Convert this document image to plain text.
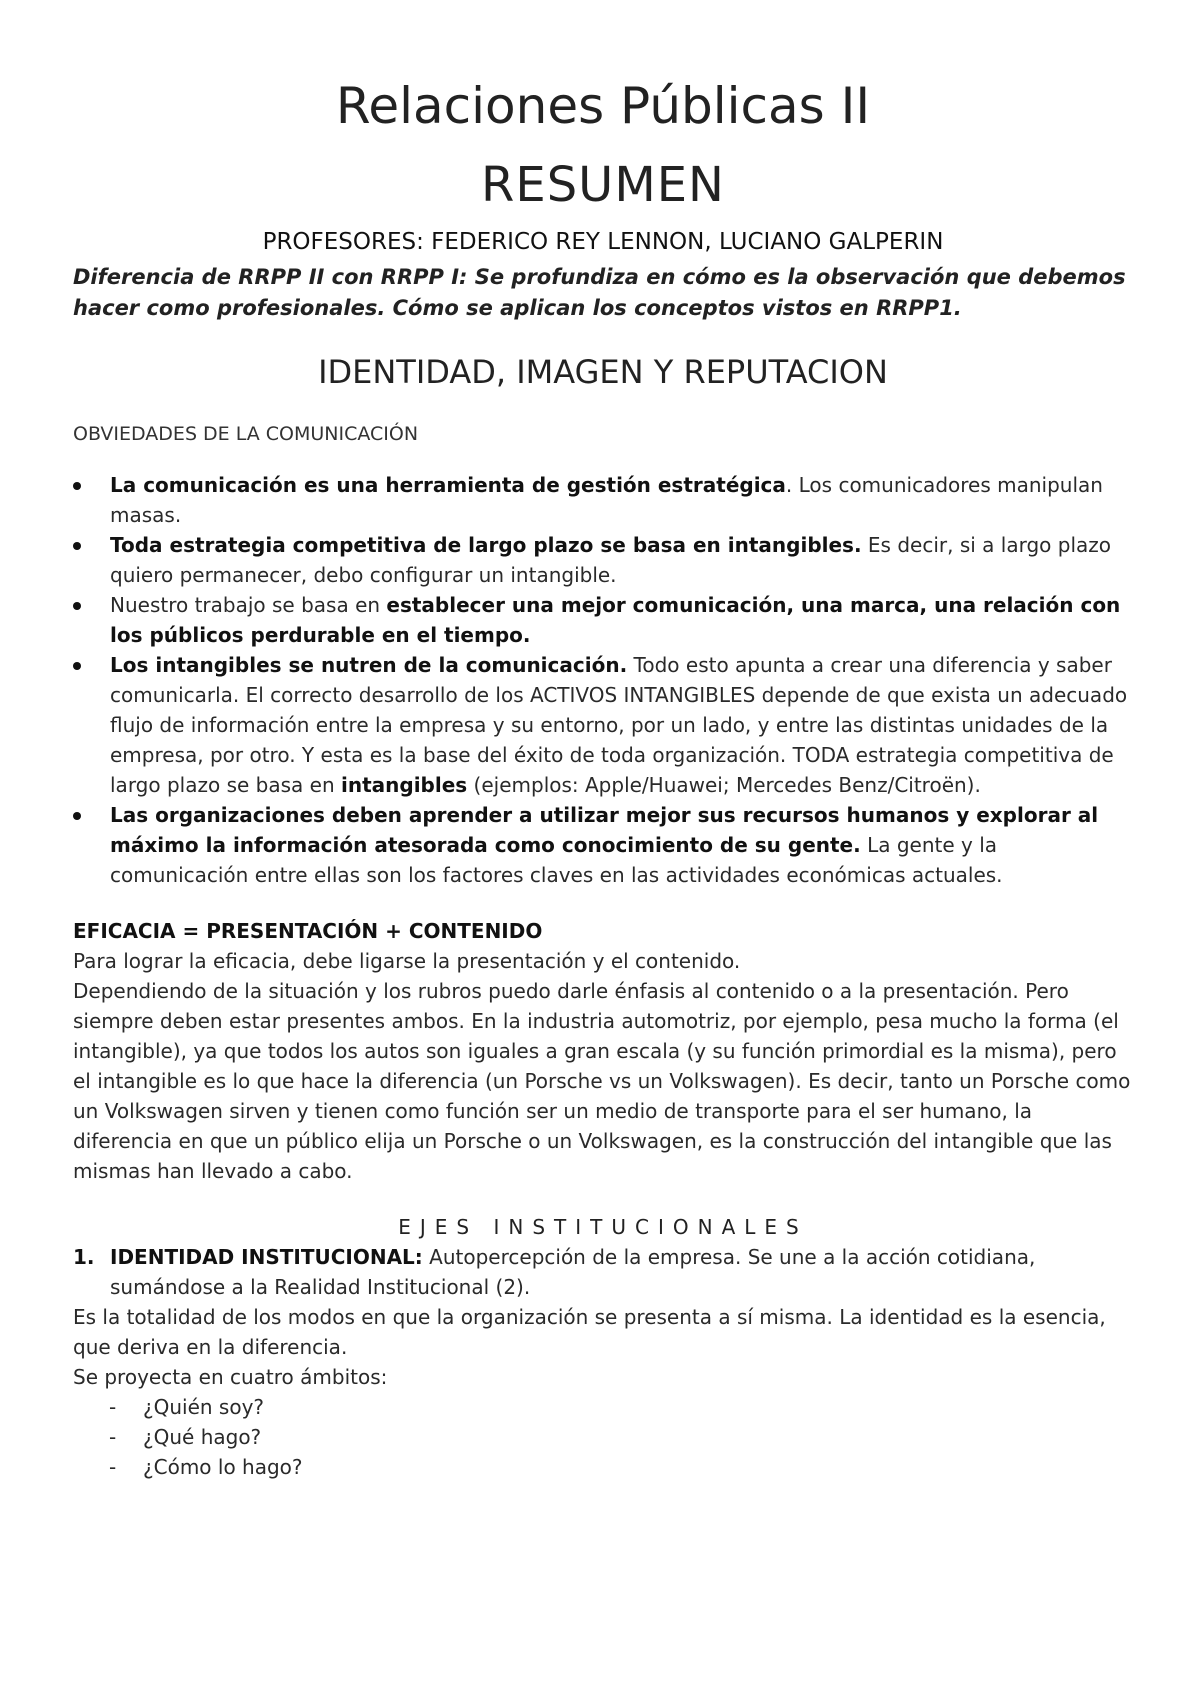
Relaciones Públicas II
RESUMEN
PROFESORES: FEDERICO REY LENNON, LUCIANO GALPERIN

Diferencia de RRPP II con RRPP I: Se profundiza en cómo es la observación que debemos hacer como profesionales. Cómo se aplican los conceptos vistos en RRPP1.

IDENTIDAD, IMAGEN Y REPUTACION
OBVIEDADES DE LA COMUNICACIÓN
La comunicación es una herramienta de gestión estratégica. Los comunicadores manipulan masas.
Toda estrategia competitiva de largo plazo se basa en intangibles. Es decir, si a largo plazo quiero permanecer, debo configurar un intangible.
Nuestro trabajo se basa en establecer una mejor comunicación, una marca, una relación con los públicos perdurable en el tiempo.
Los intangibles se nutren de la comunicación. Todo esto apunta a crear una diferencia y saber comunicarla. El correcto desarrollo de los ACTIVOS INTANGIBLES depende de que exista un adecuado flujo de información entre la empresa y su entorno, por un lado, y entre las distintas unidades de la empresa, por otro. Y esta es la base del éxito de toda organización. TODA estrategia competitiva de largo plazo se basa en intangibles (ejemplos: Apple/Huawei; Mercedes Benz/Citroën).
Las organizaciones deben aprender a utilizar mejor sus recursos humanos y explorar al máximo la información atesorada como conocimiento de su gente. La gente y la comunicación entre ellas son los factores claves en las actividades económicas actuales.
EFICACIA = PRESENTACIÓN + CONTENIDO

Para lograr la eficacia, debe ligarse la presentación y el contenido.

Dependiendo de la situación y los rubros puedo darle énfasis al contenido o a la presentación. Pero siempre deben estar presentes ambos. En la industria automotriz, por ejemplo, pesa mucho la forma (el intangible), ya que todos los autos son iguales a gran escala (y su función primordial es la misma), pero el intangible es lo que hace la diferencia (un Porsche vs un Volkswagen). Es decir, tanto un Porsche como un Volkswagen sirven y tienen como función ser un medio de transporte para el ser humano, la diferencia en que un público elija un Porsche o un Volkswagen, es la construcción del intangible que las mismas han llevado a cabo.

EJES INSTITUCIONALES
1. IDENTIDAD INSTITUCIONAL: Autopercepción de la empresa. Se une a la acción cotidiana, sumándose a la Realidad Institucional (2).

Es la totalidad de los modos en que la organización se presenta a sí misma. La identidad es la esencia, que deriva en la diferencia.

Se proyecta en cuatro ámbitos:

- ¿Quién soy?
- ¿Qué hago?
- ¿Cómo lo hago?
